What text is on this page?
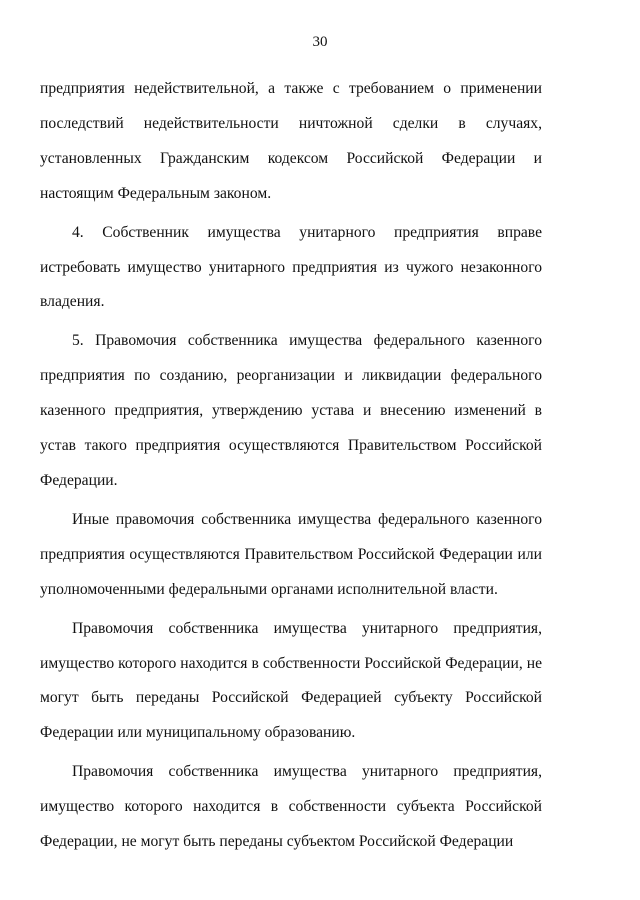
30

предприятия недействительной, а также с требованием о применении последствий недействительности ничтожной сделки в случаях, установленных Гражданским кодексом Российской Федерации и настоящим Федеральным законом.

4. Собственник имущества унитарного предприятия вправе истребовать имущество унитарного предприятия из чужого незаконного владения.

5. Правомочия собственника имущества федерального казенного предприятия по созданию, реорганизации и ликвидации федерального казенного предприятия, утверждению устава и внесению изменений в устав такого предприятия осуществляются Правительством Российской Федерации.

Иные правомочия собственника имущества федерального казенного предприятия осуществляются Правительством Российской Федерации или уполномоченными федеральными органами исполнительной власти.

Правомочия собственника имущества унитарного предприятия, имущество которого находится в собственности Российской Федерации, не могут быть переданы Российской Федерацией субъекту Российской Федерации или муниципальному образованию.

Правомочия собственника имущества унитарного предприятия, имущество которого находится в собственности субъекта Российской Федерации, не могут быть переданы субъектом Российской Федерации
